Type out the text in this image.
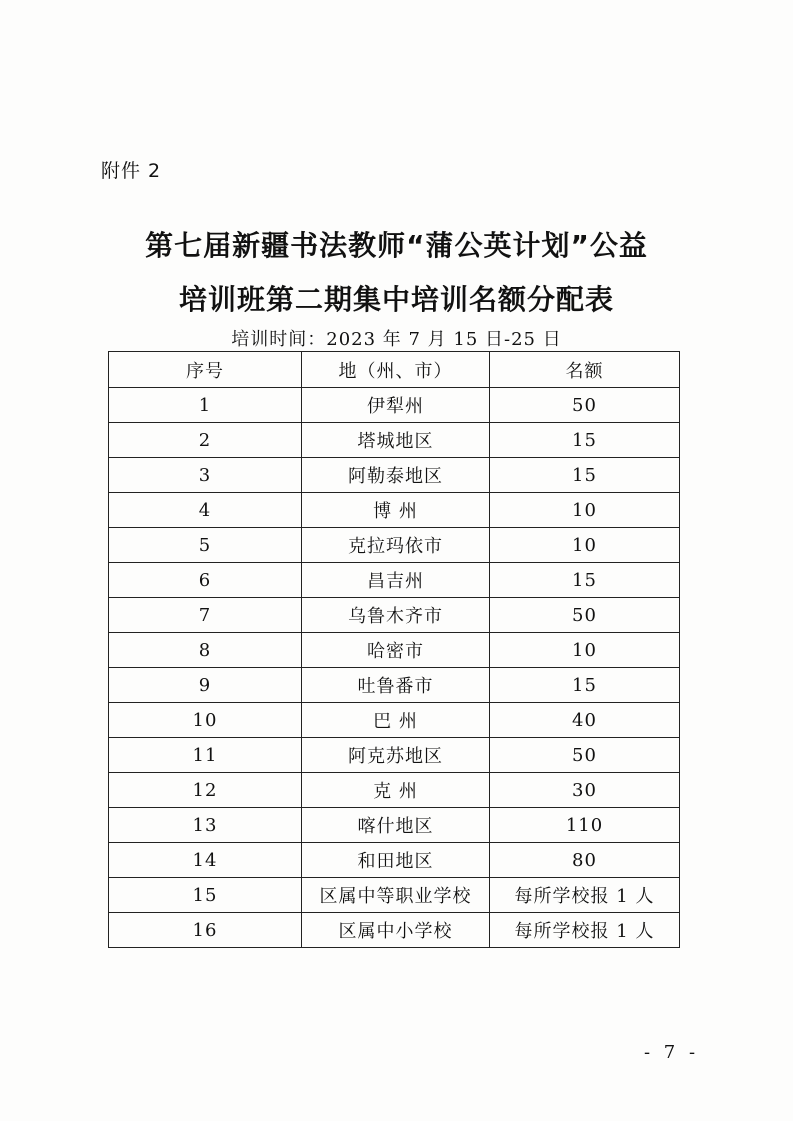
附件 2
第七届新疆书法教师“蒲公英计划”公益
培训班第二期集中培训名额分配表
培训时间：2023 年 7 月 15 日-25 日
序号	地（州、市）	名额
1	伊犁州	50
2	塔城地区	15
3	阿勒泰地区	15
4	博 州	10
5	克拉玛依市	10
6	昌吉州	15
7	乌鲁木齐市	50
8	哈密市	10
9	吐鲁番市	15
10	巴 州	40
11	阿克苏地区	50
12	克 州	30
13	喀什地区	110
14	和田地区	80
15	区属中等职业学校	每所学校报 1 人
16	区属中小学校	每所学校报 1 人
- 7 -
